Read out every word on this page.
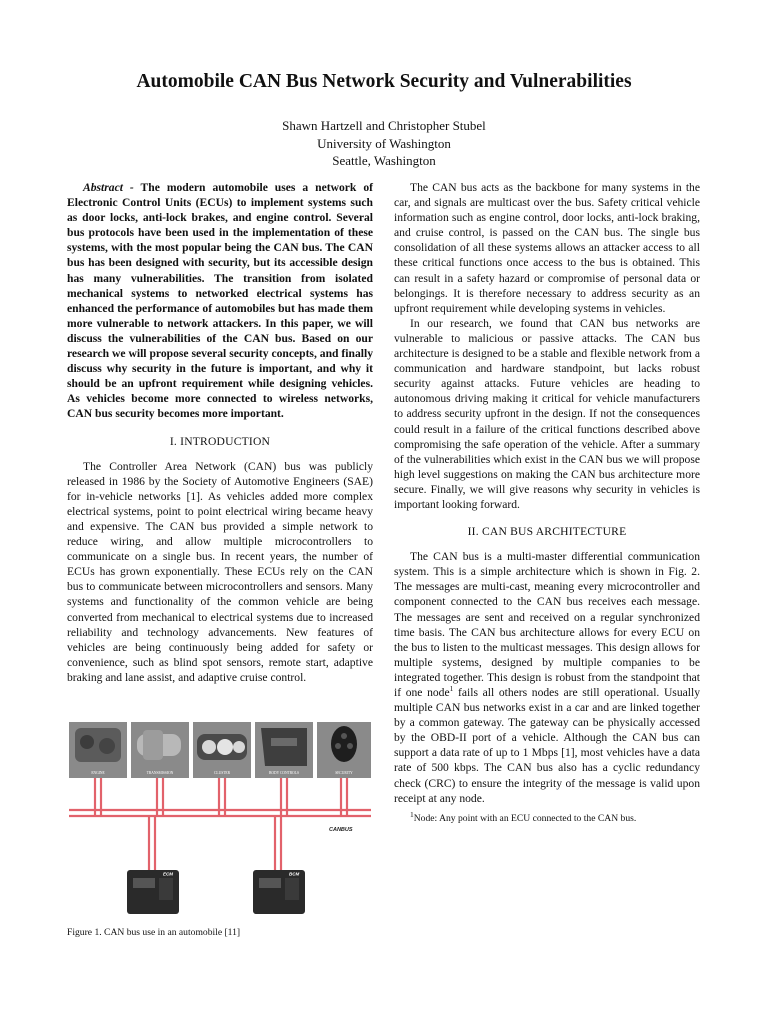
Automobile CAN Bus Network Security and Vulnerabilities
Shawn Hartzell and Christopher Stubel
University of Washington
Seattle, Washington

Abstract - The modern automobile uses a network of Electronic Control Units (ECUs) to implement systems such as door locks, anti-lock brakes, and engine control. Several bus protocols have been used in the implementation of these systems, with the most popular being the CAN bus. The CAN bus has been designed with security, but its accessible design has many vulnerabilities. The transition from isolated mechanical systems to networked electrical systems has enhanced the performance of automobiles but has made them more vulnerable to network attackers. In this paper, we will discuss the vulnerabilities of the CAN bus. Based on our research we will propose several security concepts, and finally discuss why security in the future is important, and why it should be an upfront requirement while designing vehicles. As vehicles become more connected to wireless networks, CAN bus security becomes more important.

I. INTRODUCTION

The Controller Area Network (CAN) bus was publicly released in 1986 by the Society of Automotive Engineers (SAE) for in-vehicle networks [1]. As vehicles added more complex electrical systems, point to point electrical wiring became heavy and expensive. The CAN bus provided a simple network to reduce wiring, and allow multiple microcontrollers to communicate on a single bus. In recent years, the number of ECUs has grown exponentially. These ECUs rely on the CAN bus to communicate between microcontrollers and sensors. Many systems and functionality of the common vehicle are being converted from mechanical to electrical systems due to increased reliability and technology advancements. New features of vehicles are being continuously being added for safety or convenience, such as blind spot sensors, remote start, adaptive braking and lane assist, and adaptive cruise control.

ENGINE	TRANSMISSION	CLUSTER	BODY CONTROLS	SECURITY
CANBUS
ECM	BCM
Figure 1. CAN bus use in an automobile [11]

The CAN bus acts as the backbone for many systems in the car, and signals are multicast over the bus. Safety critical vehicle information such as engine control, door locks, anti-lock braking, and cruise control, is passed on the CAN bus. The single bus consolidation of all these systems allows an attacker access to all these critical functions once access to the bus is obtained. This can result in a safety hazard or compromise of personal data or belongings. It is therefore necessary to address security as an upfront requirement while developing systems in vehicles.

In our research, we found that CAN bus networks are vulnerable to malicious or passive attacks. The CAN bus architecture is designed to be a stable and flexible network from a communication and hardware standpoint, but lacks robust security against attacks. Future vehicles are heading to autonomous driving making it critical for vehicle manufacturers to address security upfront in the design. If not the consequences could result in a failure of the critical functions described above compromising the safe operation of the vehicle. After a summary of the vulnerabilities which exist in the CAN bus we will propose high level suggestions on making the CAN bus architecture more secure. Finally, we will give reasons why security in vehicles is important looking forward.

II. CAN BUS ARCHITECTURE

The CAN bus is a multi-master differential communication system. This is a simple architecture which is shown in Fig. 2. The messages are multi-cast, meaning every microcontroller and component connected to the CAN bus receives each message. The messages are sent and received on a regular synchronized time basis. The CAN bus architecture allows for every ECU on the bus to listen to the multicast messages. This design allows for multiple systems, designed by multiple companies to be integrated together. This design is robust from the standpoint that if one node$^1$ fails all others nodes are still operational. Usually multiple CAN bus networks exist in a car and are linked together by a common gateway. The gateway can be physically accessed by the OBD-II port of a vehicle. Although the CAN bus can support a data rate of up to 1 Mbps [1], most vehicles have a data rate of 500 kbps. The CAN bus also has a cyclic redundancy check (CRC) to ensure the integrity of the message is valid upon receipt at any node.

$^1$Node: Any point with an ECU connected to the CAN bus.
